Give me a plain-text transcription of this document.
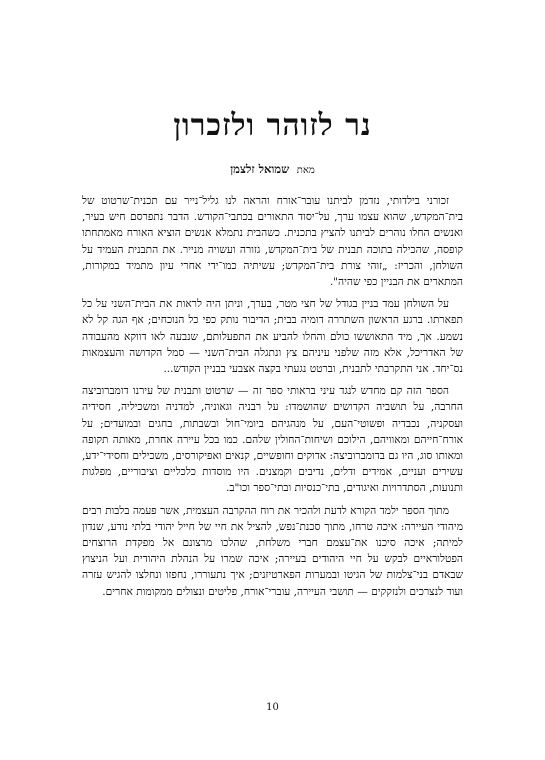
נר לזוהר ולזכרון
מאת שמואל זלצמן

זכורני בילדותי, נזדמן לביתנו עובר־אורח והראה לנו גליל־נייר עם תכנית־שרטוט של בית־המקדש, שהוא עצמו ערך, על־יסוד התאורים בכתבי־הקודש. הדבר נתפרסם חיש בעיר, ואנשים החלו נוהרים לביתנו להציץ בתכנית. כשהבית נתמלא אנשים הוציא האורח מאמתחתו קופסה, שהכילה בתוכה תבנית של בית־המקדש, גזורה ועשויה מנייר. את התבנית העמיד על השולחן, והכריז: „זוהי צורת בית־המקדש; עשיתיה כמו־ידי אחרי עיון מתמיד במקורות, המתארים את הבניין כפי שהיה".

על השולחן עמד בניין בגודל של חצי מטר, בערך, וניתן היה לראות את הבית־השני על כל תפארתו. ברגע הראשון השתררה דומיה בבית; הדיבור נותק כפי כל הנוכחים; אף הגה קל לא נשמע. אך, מיד התאוששו כולם והחלו להביע את התפעלותם, שנבעה לאו דווקא מהעבודה של האדריכל, אלא מזה שלפני עיניהם צץ ונתגלה הבית־השני — סמל הקדושה והעצמאות נס־יחד. אני התקרבתי לתבנית, וברטט נגעתי בקצה אצבעי בבניין הקודש...

הספר הזה קם מחדש לנגד עיני בראותי ספר זה — שרטוט ותבנית של עירנו דומברוביצה החרבה, על תושביה הקדושים שהושמדו: על רבניה וגאוניה, למדניה ומשכיליה, חסידיה ועסקניה, נכבדיה ופשוטי־העם, על מנהגיהם ביומי־חול ובשבתות, בחגים ובמועדים; על אורח־חייהם ומאוויהם, הילוכם ושיחות־החולין שלהם. כמו בכל עיירה אחרת, מאותה תקופה ומאותו סוג, היו גם בדומברוביצה: אדוקים וחופשיים, קנאים ואפיקורסים, משכילים וחסידי־ידע, עשירים ועניים, אמידים ודלים, נדיבים וקמצנים. היו מוסדות כלכליים וציבוריים, מפלגות ותנועות, הסתדרויות ואיגודים, בתי־כנסיות ובתי־ספר וכו"ב.

מתוך הספר ילמד הקורא לדעת ולהכיר את רוח ההקרבה העצמית, אשר פעמה בלבות רבים מיהודי העיירה: איכה טרחו, מתוך סכנת־נפש, להציל את חיי של חייל יהודי בלתי נודע, שנדון למיתה; איכה סיכנו את־עצמם חברי משלחת, שהלכו מרצונם אל מפקדת הרוצחים הפטלוראיים לבקש על חיי היהודים בעיירה; איכה שמרו על הנהלת היהודית ועל הניצוץ שבאדם בני־צלמות של הגיטו ובמערות הפארטיזנים; איך נתעוררו, נחפזו ונחלצו להגיש עזרה ועוד לנצרכים ולנזקקים — תושבי העיירה, עוברי־אורח, פליטים ונצולים ממקומות אחרים.

10
